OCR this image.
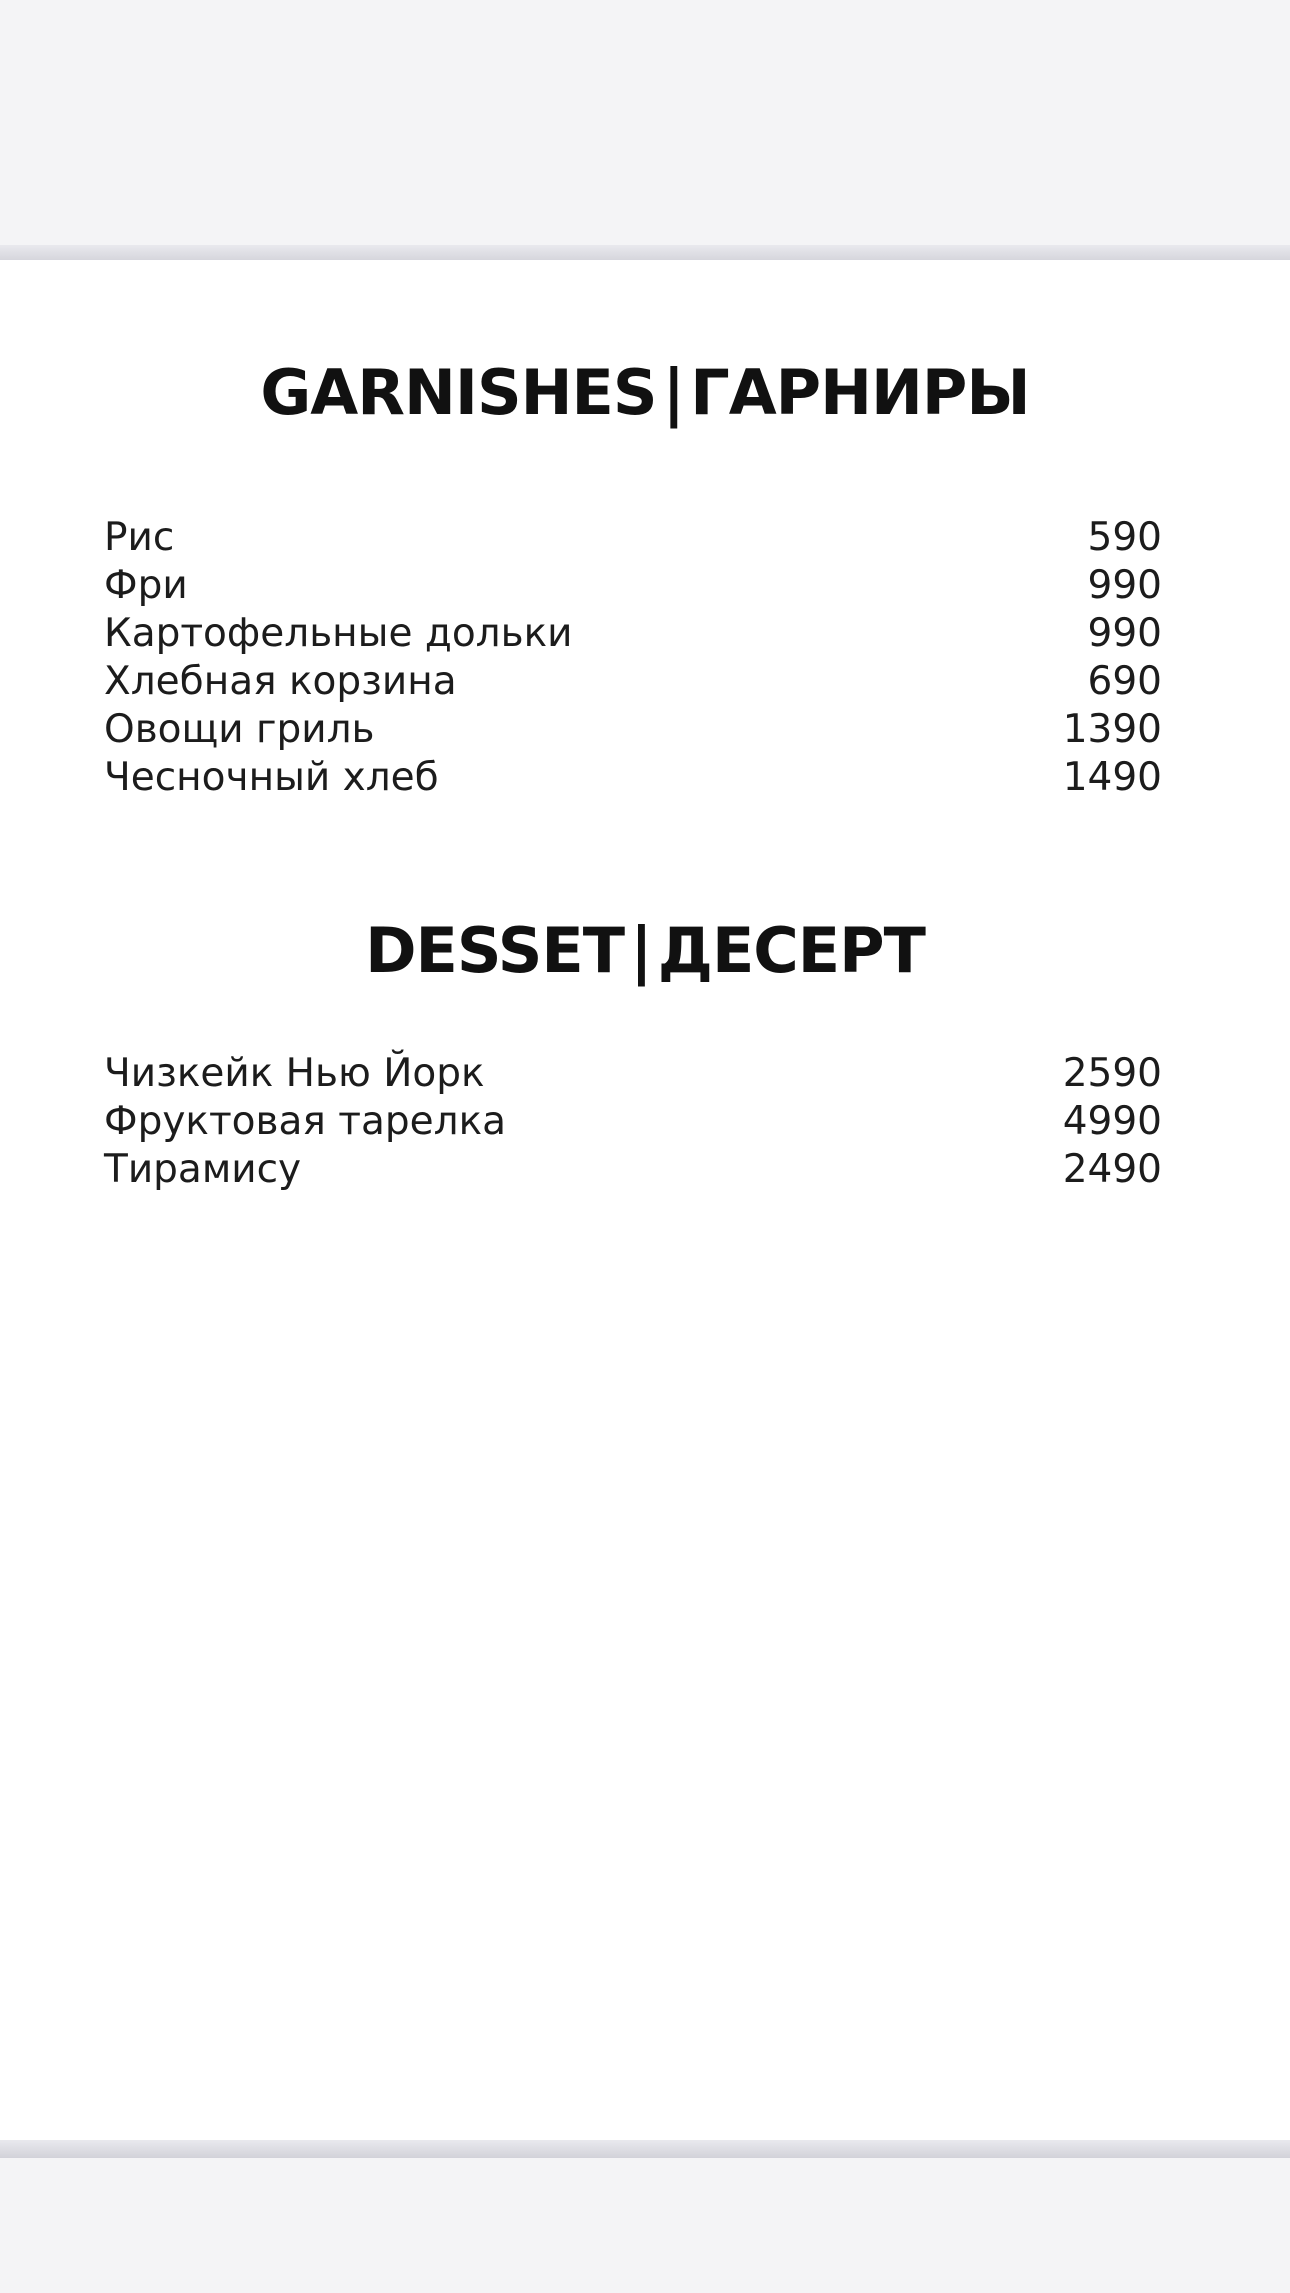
GARNISHES|ГАРНИРЫ
Рис	590
Фри	990
Картофельные дольки	990
Хлебная корзина	690
Овощи гриль	1390
Чесночный хлеб	1490
DESSET|ДЕСЕРТ
Чизкейк Нью Йорк	2590
Фруктовая тарелка	4990
Тирамису	2490
